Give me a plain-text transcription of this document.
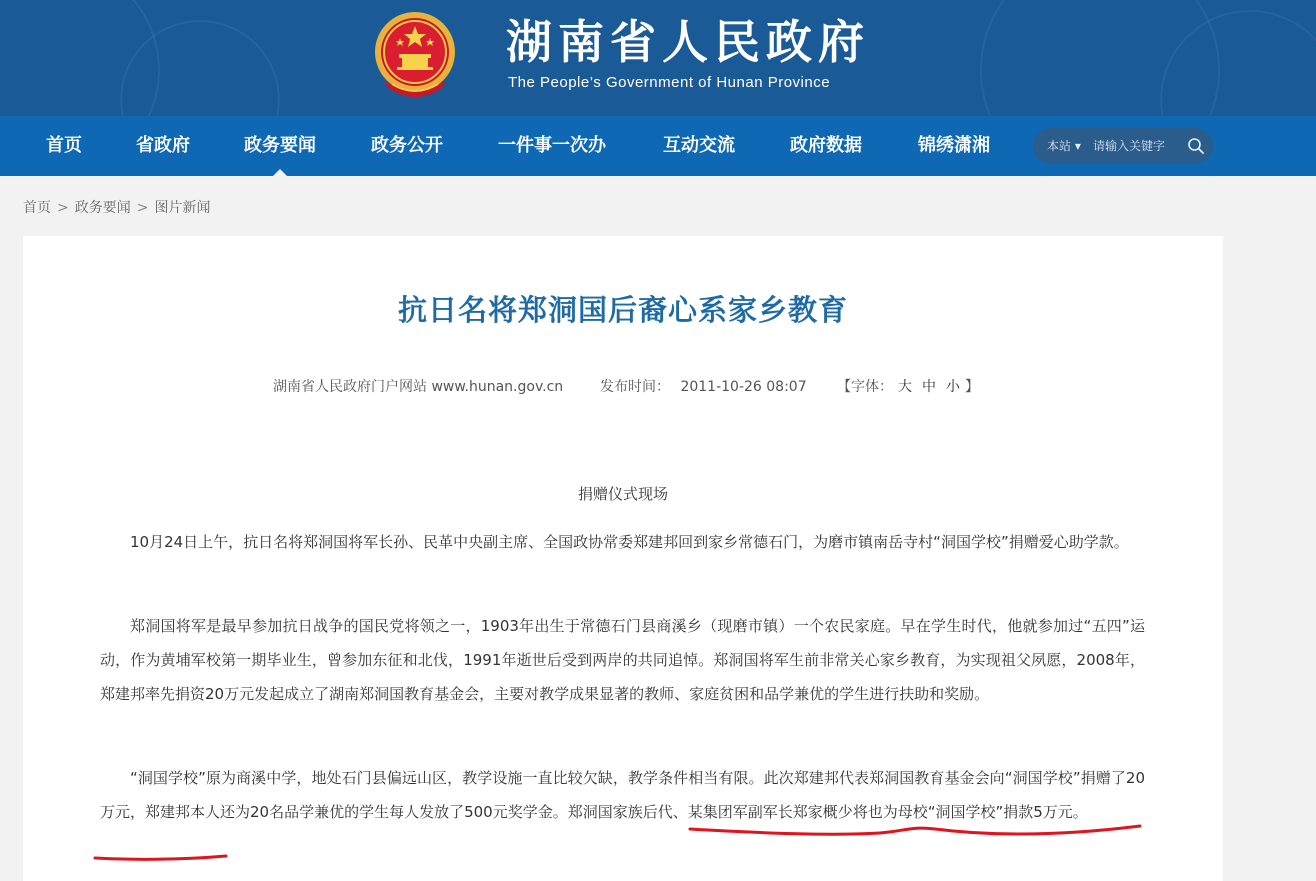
湖南省人民政府
The People’s Government of Hunan Province
首页	省政府	政务要闻	政务公开	一件事一次办	互动交流	政府数据	锦绣潇湘	本站 ▾
请输入关键字
首页 > 政务要闻 > 图片新闻
抗日名将郑洞国后裔心系家乡教育
湖南省人民政府门户网站 www.hunan.gov.cn	发布时间： 2011-10-26 08:07 【字体： 大 中 小 】
捐赠仪式现场

10月24日上午，抗日名将郑洞国将军长孙、民革中央副主席、全国政协常委郑建邦回到家乡常德石门，为磨市镇南岳寺村“洞国学校”捐赠爱心助学款。

郑洞国将军是最早参加抗日战争的国民党将领之一，1903年出生于常德石门县商溪乡（现磨市镇）一个农民家庭。早在学生时代，他就参加过“五四”运动，作为黄埔军校第一期毕业生，曾参加东征和北伐，1991年逝世后受到两岸的共同追悼。郑洞国将军生前非常关心家乡教育，为实现祖父夙愿，2008年，郑建邦率先捐资20万元发起成立了湖南郑洞国教育基金会，主要对教学成果显著的教师、家庭贫困和品学兼优的学生进行扶助和奖励。

“洞国学校”原为商溪中学，地处石门县偏远山区，教学设施一直比较欠缺，教学条件相当有限。此次郑建邦代表郑洞国教育基金会向“洞国学校”捐赠了20万元，郑建邦本人还为20名品学兼优的学生每人发放了500元奖学金。郑洞国家族后代、某集团军副军长郑家概少将也为母校“洞国学校”捐款5万元。
